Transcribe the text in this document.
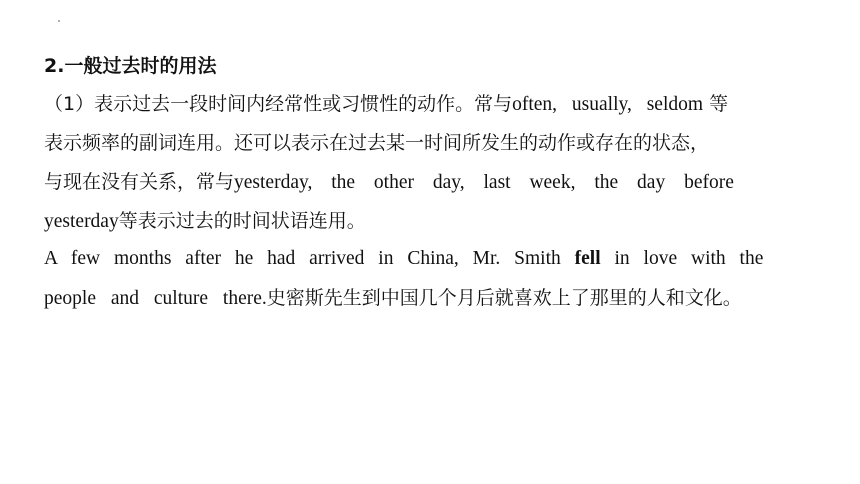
2.一般过去时的用法
（1）表示过去一段时间内经常性或习惯性的动作。常与often, usually, seldom 等
表示频率的副词连用。还可以表示在过去某一时间所发生的动作或存在的状态，
与现在没有关系，常与yesterday, the other day, last week, the day before
yesterday等表示过去的时间状语连用。
A few months after he had arrived in China, Mr. Smith fell in love with the
people and culture there.史密斯先生到中国几个月后就喜欢上了那里的人和文化。
